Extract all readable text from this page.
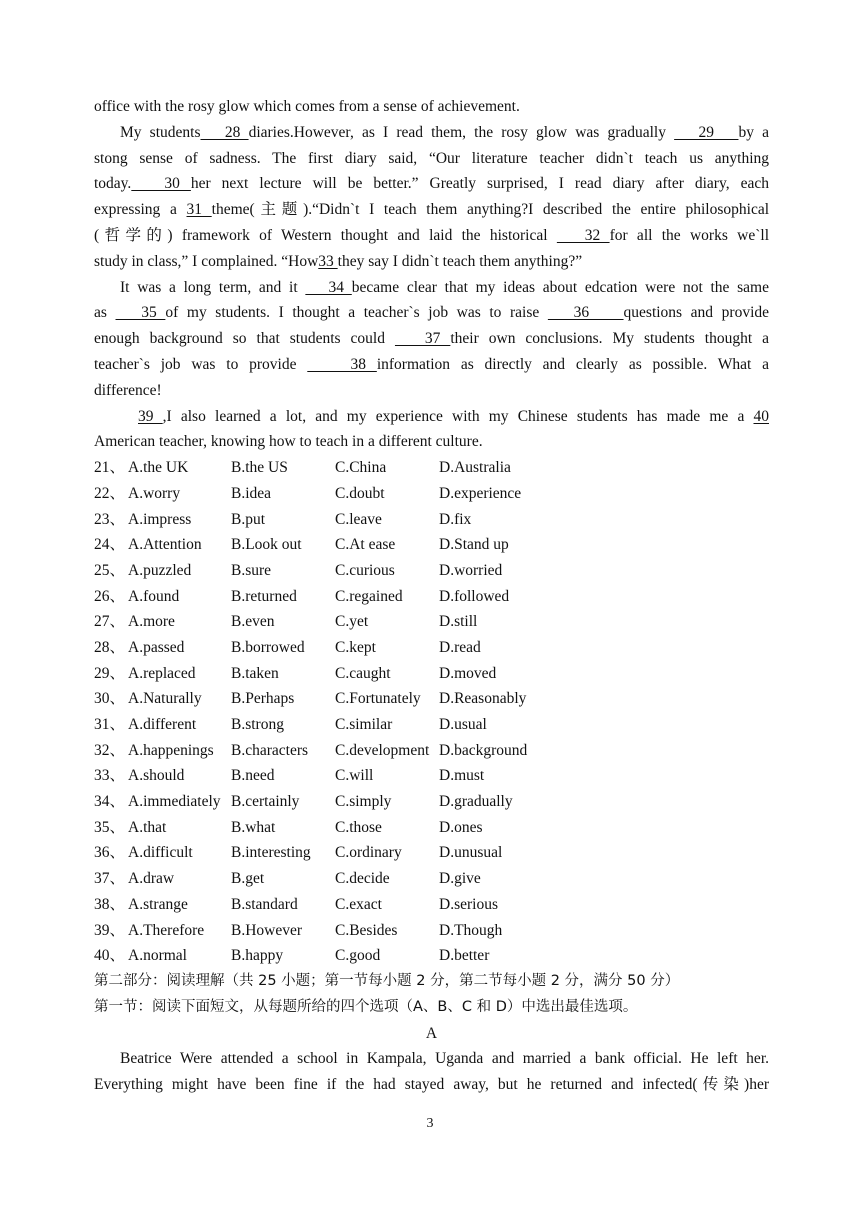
office with the rosy glow which comes from a sense of achievement.
My students   28 diaries.However, as I read them, the rosy glow was gradually    29   by a
stong sense of sadness. The first diary said, “Our literature teacher didn`t teach us anything
today.   30 her next lecture will be better.” Greatly surprised, I read diary after diary, each
expressing a 31 theme(主题).“Didn`t I teach them anything?I described the entire philosophical
(哲学的) framework of Western thought and laid the historical    32 for all the works we`ll
study in class,” I complained. “How33 they say I didn`t teach them anything?”
It was a long term, and it    34 became clear that my ideas about edcation were not the same
as    35 of my students. I thought a teacher`s job was to raise    36    questions and provide
enough background so that students could    37 their own conclusions. My students thought a
teacher`s job was to provide     38 information as directly and clearly as possible. What a
difference!
39 ,I also learned a lot, and my experience with my Chinese students has made me a 40
American teacher, knowing how to teach in a different culture.
21、 A.the UK	B.the US	C.China	D.Australia
22、 A.worry	B.idea	C.doubt	D.experience
23、 A.impress	B.put	C.leave	D.fix
24、 A.Attention	B.Look out	C.At ease	D.Stand up
25、 A.puzzled	B.sure	C.curious	D.worried
26、 A.found	B.returned	C.regained	D.followed
27、 A.more	B.even	C.yet	D.still
28、 A.passed	B.borrowed	C.kept	D.read
29、 A.replaced	B.taken	C.caught	D.moved
30、 A.Naturally	B.Perhaps	C.Fortunately	D.Reasonably
31、 A.different	B.strong	C.similar	D.usual
32、 A.happenings	B.characters	C.development D.background
33、 A.should	B.need	C.will	D.must
34、 A.immediately B.certainly	C.simply	D.gradually
35、 A.that	B.what	C.those	D.ones
36、 A.difficult	B.interesting	C.ordinary	D.unusual
37、 A.draw	B.get	C.decide	D.give
38、 A.strange	B.standard	C.exact	D.serious
39、 A.Therefore	B.However	C.Besides	D.Though
40、 A.normal	B.happy	C.good	D.better
第二部分：阅读理解（共 25 小题；第一节每小题 2 分，第二节每小题 2 分，满分 50 分）
第一节：阅读下面短文，从每题所给的四个选项（A、B、C 和 D）中选出最佳选项。
A
Beatrice Were attended a school in Kampala, Uganda and married a bank official. He left her.
Everything might have been fine if the had stayed away, but he returned and infected(传染)her
3
